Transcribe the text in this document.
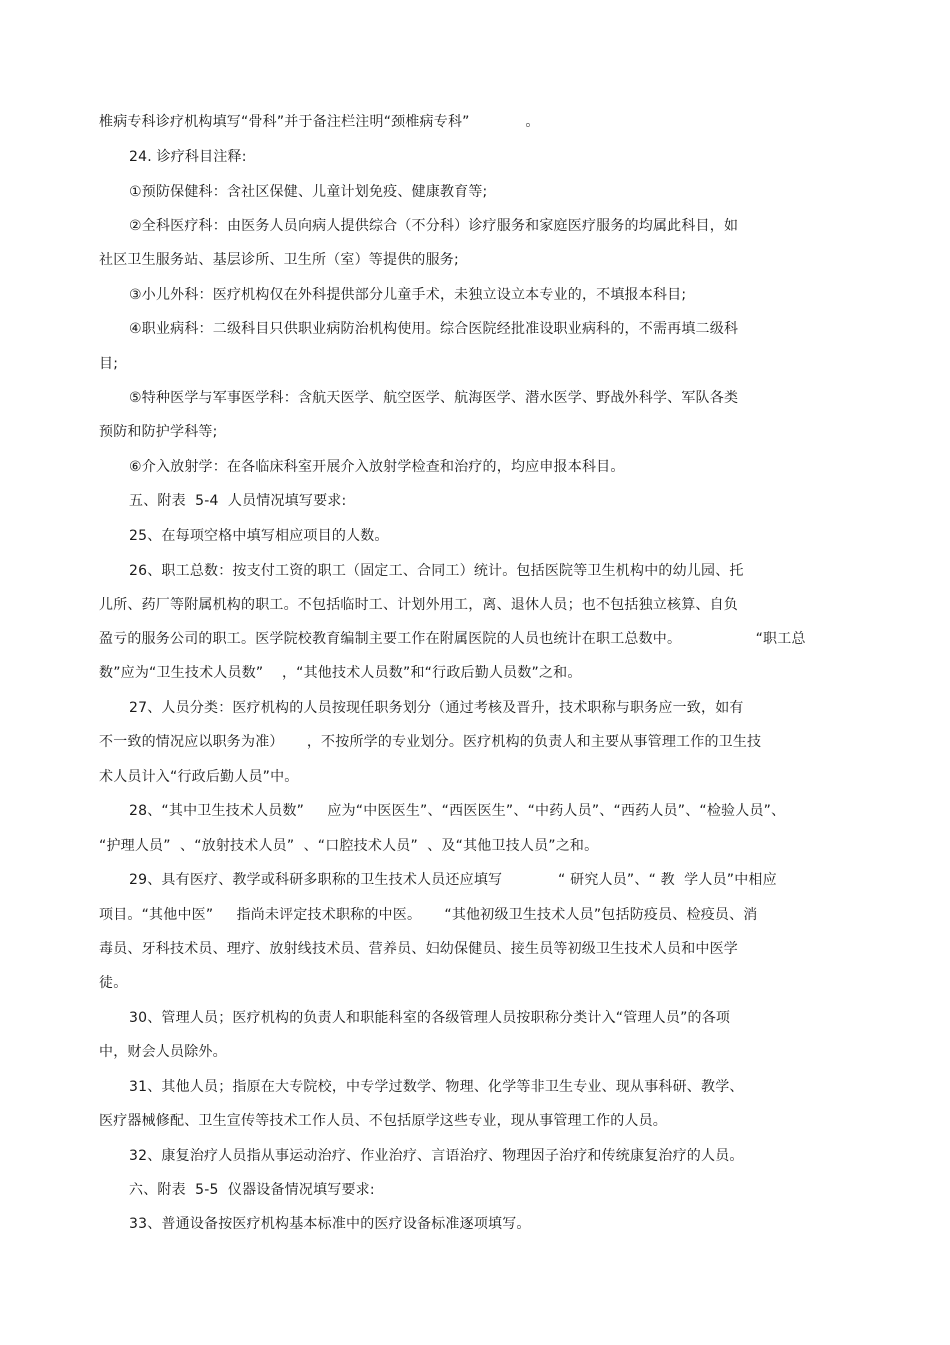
椎病专科诊疗机构填写“骨科”并于备注栏注明“颈椎病专科”            。
24. 诊疗科目注释:
①预防保健科：含社区保健、儿童计划免疫、健康教育等;
②全科医疗科：由医务人员向病人提供综合（不分科）诊疗服务和家庭医疗服务的均属此科目，如
社区卫生服务站、基层诊所、卫生所（室）等提供的服务;
③小儿外科：医疗机构仅在外科提供部分儿童手术，未独立设立本专业的，不填报本科目;
④职业病科：二级科目只供职业病防治机构使用。综合医院经批准设职业病科的，不需再填二级科
目;
⑤特种医学与军事医学科：含航天医学、航空医学、航海医学、潜水医学、野战外科学、军队各类
预防和防护学科等;
⑥介入放射学：在各临床科室开展介入放射学检查和治疗的，均应申报本科目。
五、附表  5-4  人员情况填写要求:
25、在每项空格中填写相应项目的人数。
26、职工总数：按支付工资的职工（固定工、合同工）统计。包括医院等卫生机构中的幼儿园、托
儿所、药厂等附属机构的职工。不包括临时工、计划外用工，离、退休人员；也不包括独立核算、自负
盈亏的服务公司的职工。医学院校教育编制主要工作在附属医院的人员也统计在职工总数中。                “职工总
数”应为“卫生技术人员数”    ，“其他技术人员数”和“行政后勤人员数”之和。
27、人员分类：医疗机构的人员按现任职务划分（通过考核及晋升，技术职称与职务应一致，如有
不一致的情况应以职务为准）     ，不按所学的专业划分。医疗机构的负责人和主要从事管理工作的卫生技
术人员计入“行政后勤人员”中。
28、“其中卫生技术人员数”     应为“中医医生”、“西医医生”、“中药人员”、“西药人员”、“检验人员”、
“护理人员”  、“放射技术人员”  、“口腔技术人员”  、及“其他卫技人员”之和。
29、具有医疗、教学或科研多职称的卫生技术人员还应填写            “ 研究人员”、“ 教  学人员”中相应
项目。“其他中医”     指尚未评定技术职称的中医。     “其他初级卫生技术人员”包括防疫员、检疫员、消
毒员、牙科技术员、理疗、放射线技术员、营养员、妇幼保健员、接生员等初级卫生技术人员和中医学
徒。
30、管理人员；医疗机构的负责人和职能科室的各级管理人员按职称分类计入“管理人员”的各项
中，财会人员除外。
31、其他人员；指原在大专院校，中专学过数学、物理、化学等非卫生专业、现从事科研、教学、
医疗器械修配、卫生宣传等技术工作人员、不包括原学这些专业，现从事管理工作的人员。
32、康复治疗人员指从事运动治疗、作业治疗、言语治疗、物理因子治疗和传统康复治疗的人员。
六、附表  5-5  仪器设备情况填写要求:
33、普通设备按医疗机构基本标准中的医疗设备标准逐项填写。
